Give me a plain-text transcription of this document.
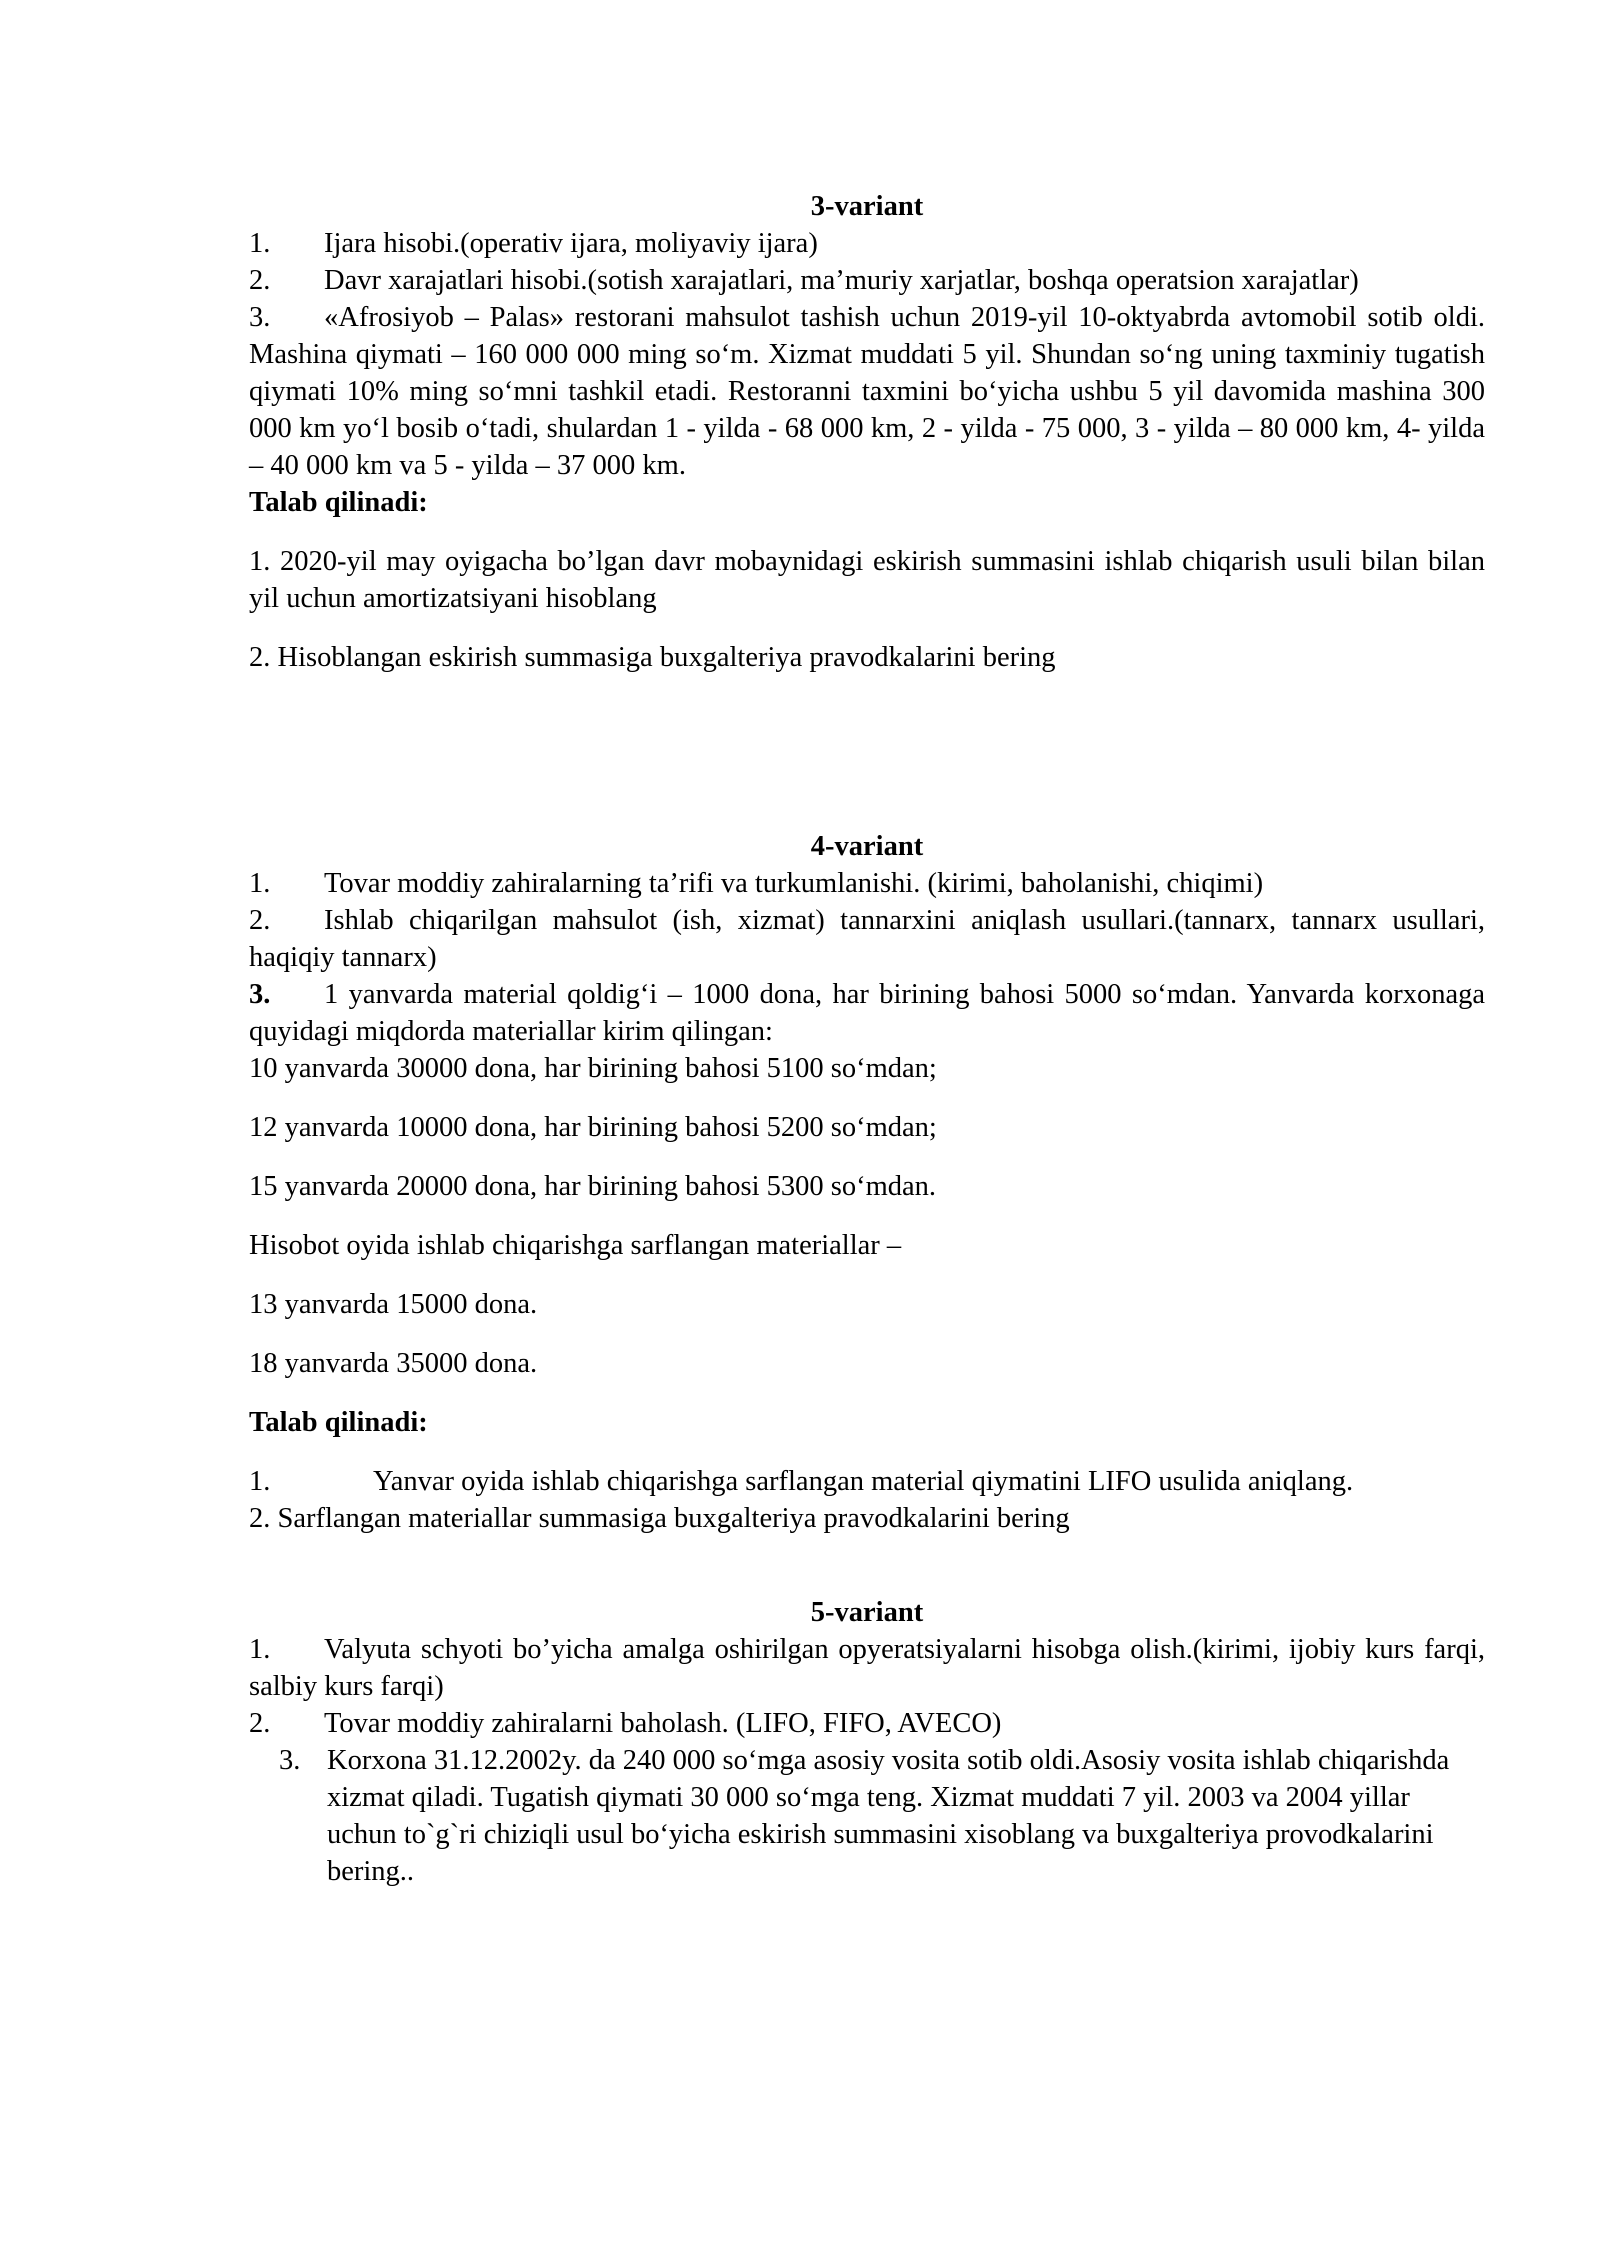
3-variant
1. Ijara hisobi.(operativ ijara, moliyaviy ijara)
2. Davr xarajatlari hisobi.(sotish xarajatlari, ma’muriy xarjatlar, boshqa operatsion xarajatlar)
3. «Afrosiyob – Palas» restorani mahsulot tashish uchun 2019-yil 10-oktyabrda avtomobil sotib oldi. Mashina qiymati – 160 000 000 ming so‘m. Xizmat muddati 5 yil. Shundan so‘ng uning taxminiy tugatish qiymati 10% ming so‘mni tashkil etadi. Restoranni taxmini bo‘yicha ushbu 5 yil davomida mashina 300 000 km yo‘l bosib o‘tadi, shulardan 1 - yilda - 68 000 km, 2 - yilda - 75 000, 3 - yilda – 80 000 km, 4- yilda – 40 000 km va 5 - yilda – 37 000 km.
Talab qilinadi:
1. 2020-yil may oyigacha bo’lgan davr mobaynidagi eskirish summasini ishlab chiqarish usuli bilan bilan yil uchun amortizatsiyani hisoblang
2. Hisoblangan eskirish summasiga buxgalteriya pravodkalarini bering
4-variant
1. Tovar moddiy zahiralarning ta’rifi va turkumlanishi. (kirimi, baholanishi, chiqimi)
2. Ishlab chiqarilgan mahsulot (ish, xizmat) tannarxini aniqlash usullari.(tannarx, tannarx usullari, haqiqiy tannarx)
3. 1 yanvarda material qoldig‘i – 1000 dona, har birining bahosi 5000 so‘mdan. Yanvarda korxonaga quyidagi miqdorda materiallar kirim qilingan:
10 yanvarda 30000 dona, har birining bahosi 5100 so‘mdan;
12 yanvarda 10000 dona, har birining bahosi 5200 so‘mdan;
15 yanvarda 20000 dona, har birining bahosi 5300 so‘mdan.
Hisobot oyida ishlab chiqarishga sarflangan materiallar –
13 yanvarda 15000 dona.
18 yanvarda 35000 dona.
Talab qilinadi:
1.	Yanvar oyida ishlab chiqarishga sarflangan material qiymatini LIFO usulida aniqlang.
2. Sarflangan materiallar summasiga buxgalteriya pravodkalarini bering
5-variant
1. Valyuta schyoti bo’yicha amalga oshirilgan opyeratsiyalarni hisobga olish.(kirimi, ijobiy kurs farqi, salbiy kurs farqi)
2. Tovar moddiy zahiralarni baholash. (LIFO, FIFO, AVECO)
3. Korxona 31.12.2002y. da 240 000 so‘mga asosiy vosita sotib oldi.Asosiy vosita ishlab chiqarishda xizmat qiladi. Tugatish qiymati 30 000 so‘mga teng. Xizmat muddati 7 yil. 2003 va 2004 yillar uchun to`g`ri chiziqli usul bo‘yicha eskirish summasini xisoblang va buxgalteriya provodkalarini bering..
